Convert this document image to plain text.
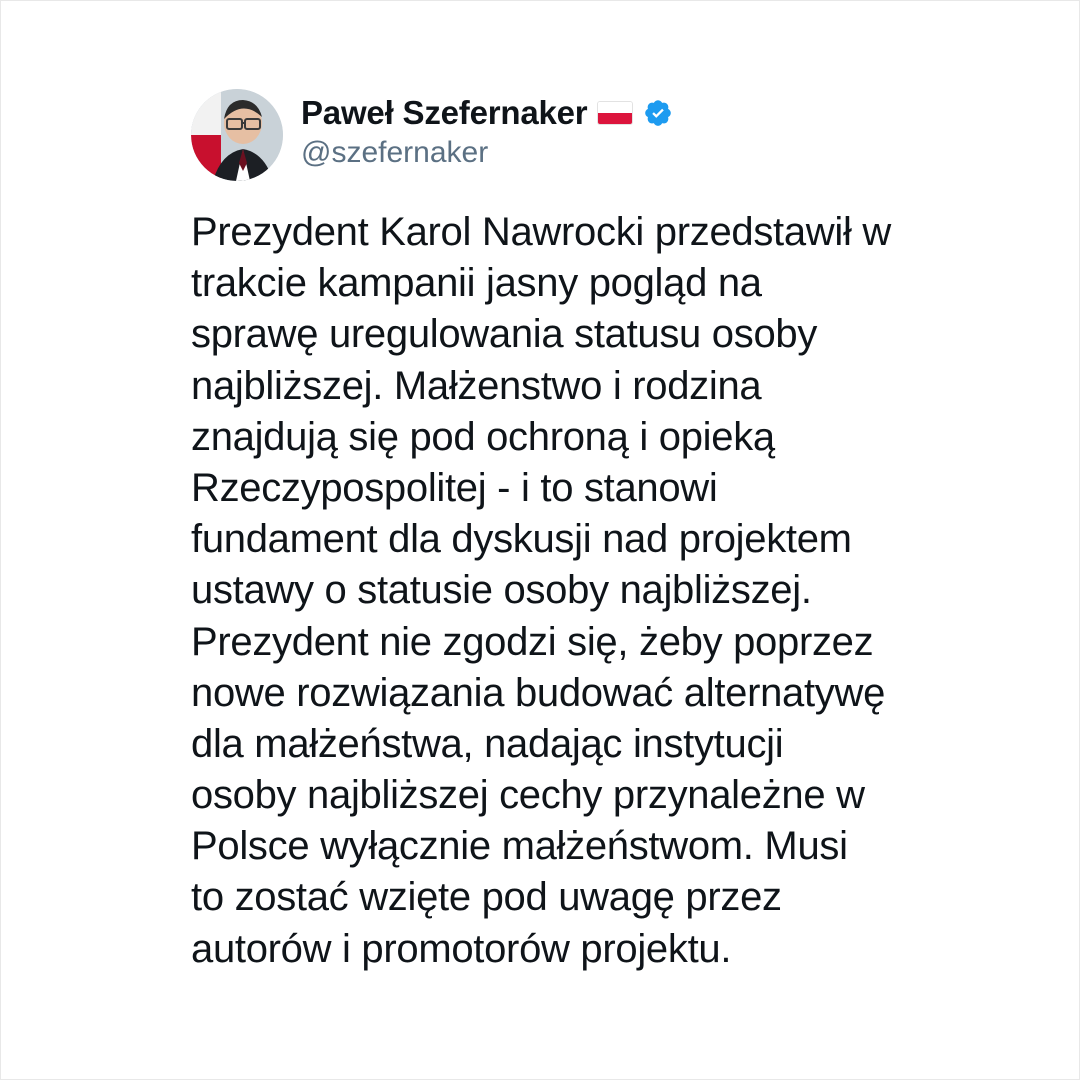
Paweł Szefernaker
@szefernaker
Prezydent Karol Nawrocki przedstawił w trakcie kampanii jasny pogląd na sprawę uregulowania statusu osoby najbliższej. Małżenstwo i rodzina znajdują się pod ochroną i opieką Rzeczypospolitej - i to stanowi fundament dla dyskusji nad projektem ustawy o statusie osoby najbliższej. Prezydent nie zgodzi się, żeby poprzez nowe rozwiązania budować alternatywę dla małżeństwa, nadając instytucji osoby najbliższej cechy przynależne w Polsce wyłącznie małżeństwom. Musi to zostać wzięte pod uwagę przez autorów i promotorów projektu.
